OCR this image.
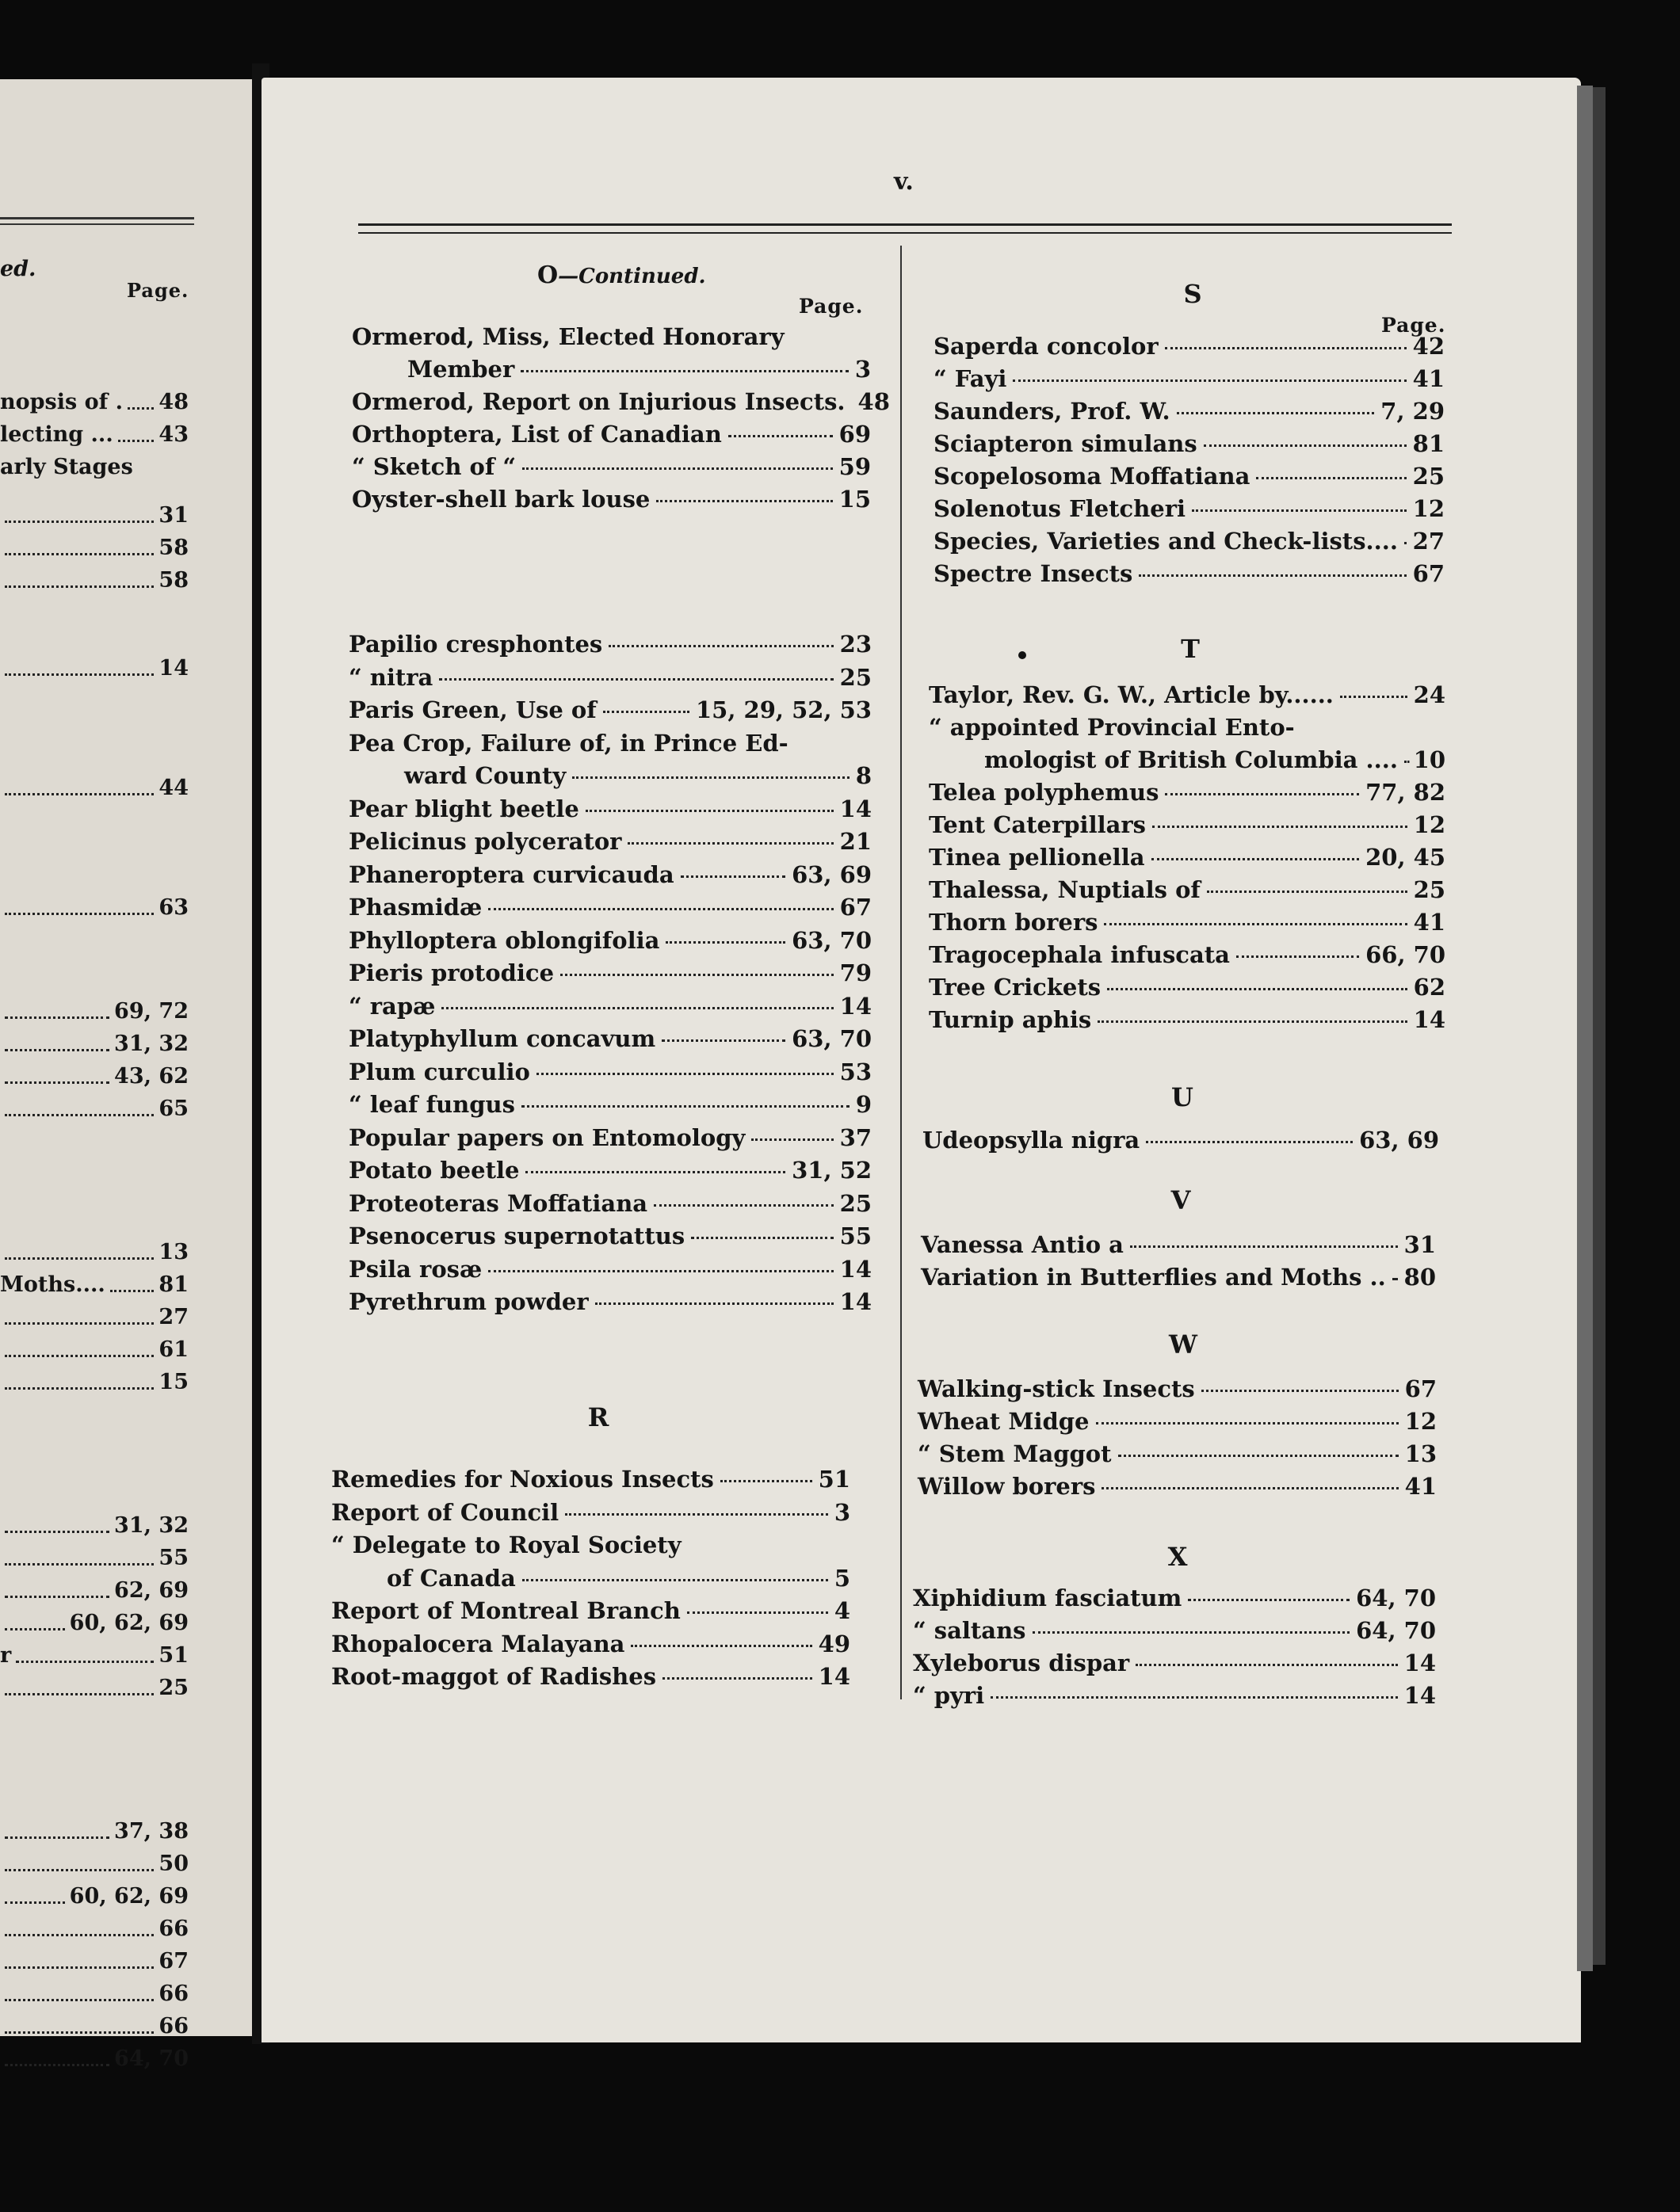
ed.
Page.
nopsis of . 48
lecting ... 43
arly Stages
31
58
58
14
44
63
69, 72
31, 32
43, 62
65
13
Moths....	81
27
61
15
31, 32
55
62, 69
60, 62, 69
r	51
25
37, 38
50
60, 62, 69
66
67
66
66
64, 70
v.
O—Continued.
Page.
R
S
Page.
T
U
V
W
X
Ormerod, Miss, Elected Honorary
Member	3
Ormerod, Report on Injurious Insects. 48
Orthoptera, List of Canadian	69
“ Sketch of “	59
Oyster-shell bark louse	15
Papilio cresphontes	23
“ nitra	25
Paris Green, Use of	15, 29, 52, 53
Pea Crop, Failure of, in Prince Ed-
ward County	8
Pear blight beetle	14
Pelicinus polycerator	21
Phaneroptera curvicauda	63, 69
Phasmidæ	67
Phylloptera oblongifolia	63, 70
Pieris protodice	79
“ rapæ	14
Platyphyllum concavum	63, 70
Plum curculio	53
“ leaf fungus	9
Popular papers on Entomology	37
Potato beetle	31, 52
Proteoteras Moffatiana	25
Psenocerus supernotattus	55
Psila rosæ	14
Pyrethrum powder	14
Remedies for Noxious Insects	51
Report of Council	3
“ Delegate to Royal Society
of Canada	5
Report of Montreal Branch	4
Rhopalocera Malayana	49
Root-maggot of Radishes	14
Saperda concolor	42
“ Fayi	41
Saunders, Prof. W.	7, 29
Sciapteron simulans	81
Scopelosoma Moffatiana	25
Solenotus Fletcheri	12
Species, Varieties and Check-lists.... 27
Spectre Insects	67
Taylor, Rev. G. W., Article by......	24
“ appointed Provincial Ento-
mologist of British Columbia .... 10
Telea polyphemus	77, 82
Tent Caterpillars	12
Tinea pellionella	20, 45
Thalessa, Nuptials of	25
Thorn borers	41
Tragocephala infuscata	66, 70
Tree Crickets	62
Turnip aphis	14
Udeopsylla nigra	63, 69
Vanessa Antio a	31
Variation in Butterflies and Moths .. 80
Walking-stick Insects	67
Wheat Midge	12
“ Stem Maggot	13
Willow borers	41
Xiphidium fasciatum	64, 70
“ saltans	64, 70
Xyleborus dispar	14
“ pyri	14
